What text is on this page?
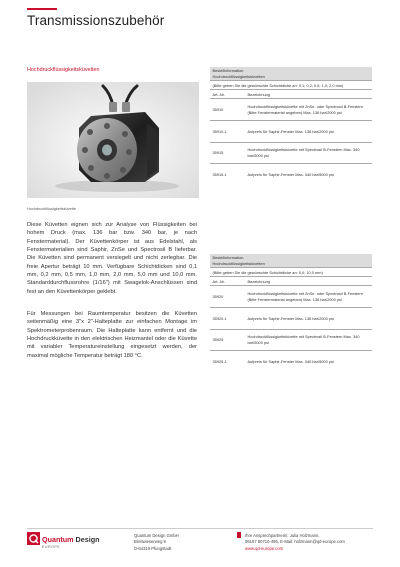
Transmissionszubehör
Hochdruckflüssigkeitsküvetten
Hochdruckflüssigkeitsküvette

Diese Küvetten eignen sich zur Analyse von Flüssigkeiten bei hohem Druck (max. 136 bar bzw. 340 bar, je nach Fenstermaterial). Der Küvettenkörper ist aus Edelstahl, als Fenstermaterialien sind Saphir, ZnSe und Spectrosil B lieferbar. Die Küvetten sind permanent versiegelt und nicht zerlegbar. Die freie Apertur beträgt 10 mm. Verfügbare Schichtdicken sind 0,1 mm, 0,2 mm, 0,5 mm, 1,0 mm, 2,0 mm, 5,0 mm und 10,0 mm. Standarddurchflussrohre (1/16") mit Swagelok-Anschlüssen sind fest an den Küvettenkörper geklebt.

Für Messungen bei Raumtemperatur besitzen die Küvetten seitenmäßig eine 3"x 2"-Halteplatte zur einfachen Montage im Spektrometerprobenraum. Die Halteplatte kann entfernt und die Hochdruckküvette in den elektrischen Heizmantel oder die Küvette mit variabler Temperatureinstellung eingesetzt werden, der maximal mögliche Temperatur beträgt 180 °C.

Bestellinformation
Hochdruckflüssigkeitsküvetten	

(Bitte geben Sie die gewünschte Schichtdicke an: 0,1; 0,2; 0,5; 1,0; 2,0 mm)	
Art.-Nr.	Bezeichnung
35910	Hochdruckflüssigkeitsküvette mit ZnSe- oder Spectrosil B-Fenstern (Bitte Fenstermaterial angeben) Max. 136 bar/2000 psi
35910-1	Aufpreis für Saphir-Fenster Max. 136 bar/2000 psi
35915	Hochdruckflüssigkeitsküvette mit Spectrosil B-Fenstern Max. 340 bar/5000 psi
35915-1	Aufpreis für Saphir-Fenster Max. 340 bar/5000 psi
Bestellinformation
Hochdruckflüssigkeitsküvetten	

(Bitte geben Sie die gewünschte Schichtdicke an: 5,0; 10,0 mm)	
Art.-Nr.	Bezeichnung
35920	Hochdruckflüssigkeitsküvette mit ZnSe- oder Spectrosil B-Fenstern (Bitte Fenstermaterial angeben) Max. 136 bar/2000 psi
35920-1	Aufpreis für Saphir-Fenster Max. 136 bar/2000 psi
35925	Hochdruckflüssigkeitsküvette mit Spectrosil B-Fenstern Max. 340 bar/5000 psi
35925-1	Aufpreis für Saphir-Fenster Max. 340 bar/5000 psi
Quantum Design
EUROPE
Quantum Design GmbH
Breitwieserweg 9
D-64319 Pfungstadt
Ihre Ansprechpartnerin: Julia Holzmann,
06157 80710-495, E-Mail: holzmann@qd-europe.com
www.qd-europe.com
